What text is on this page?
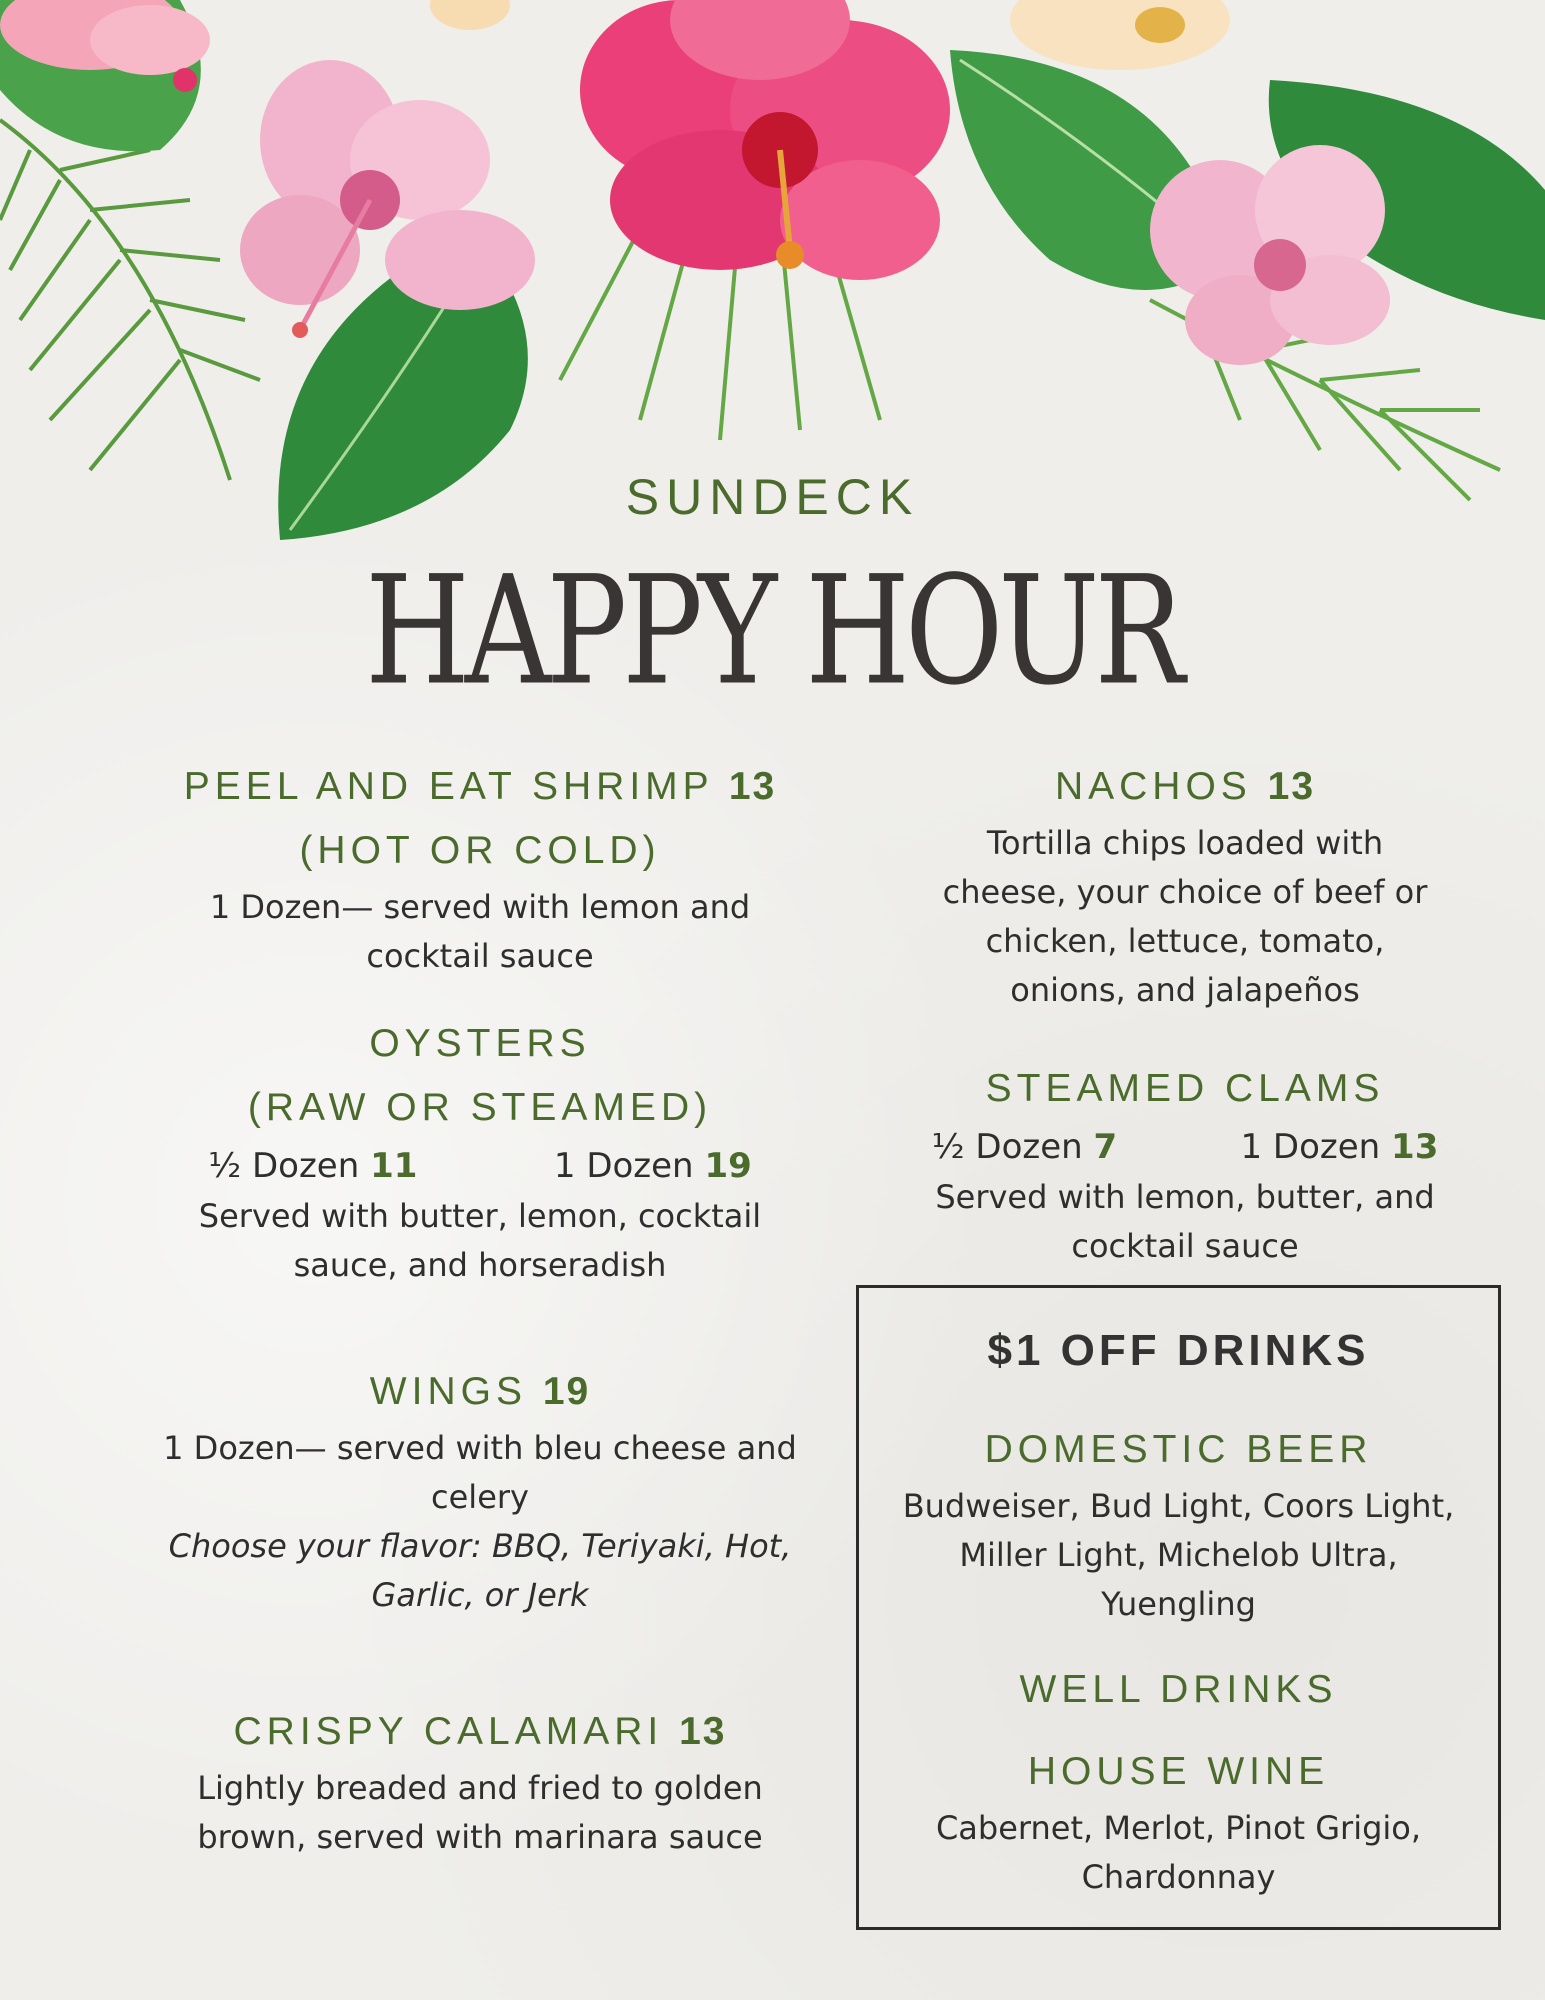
SUNDECK
HAPPY HOUR
PEEL AND EAT SHRIMP 13
(HOT OR COLD)
1 Dozen— served with lemon and
cocktail sauce
OYSTERS
(RAW OR STEAMED)
½ Dozen 11	1 Dozen 19
Served with butter, lemon, cocktail
sauce, and horseradish
WINGS 19
1 Dozen— served with bleu cheese and
celery
Choose your flavor: BBQ, Teriyaki, Hot,
Garlic, or Jerk
CRISPY CALAMARI 13
Lightly breaded and fried to golden
brown, served with marinara sauce
NACHOS 13
Tortilla chips loaded with
cheese, your choice of beef or
chicken, lettuce, tomato,
onions, and jalapeños
STEAMED CLAMS
½ Dozen 7	1 Dozen 13
Served with lemon, butter, and
cocktail sauce
$1 OFF DRINKS
DOMESTIC BEER
Budweiser, Bud Light, Coors Light,
Miller Light, Michelob Ultra,
Yuengling
WELL DRINKS
HOUSE WINE
Cabernet, Merlot, Pinot Grigio,
Chardonnay
